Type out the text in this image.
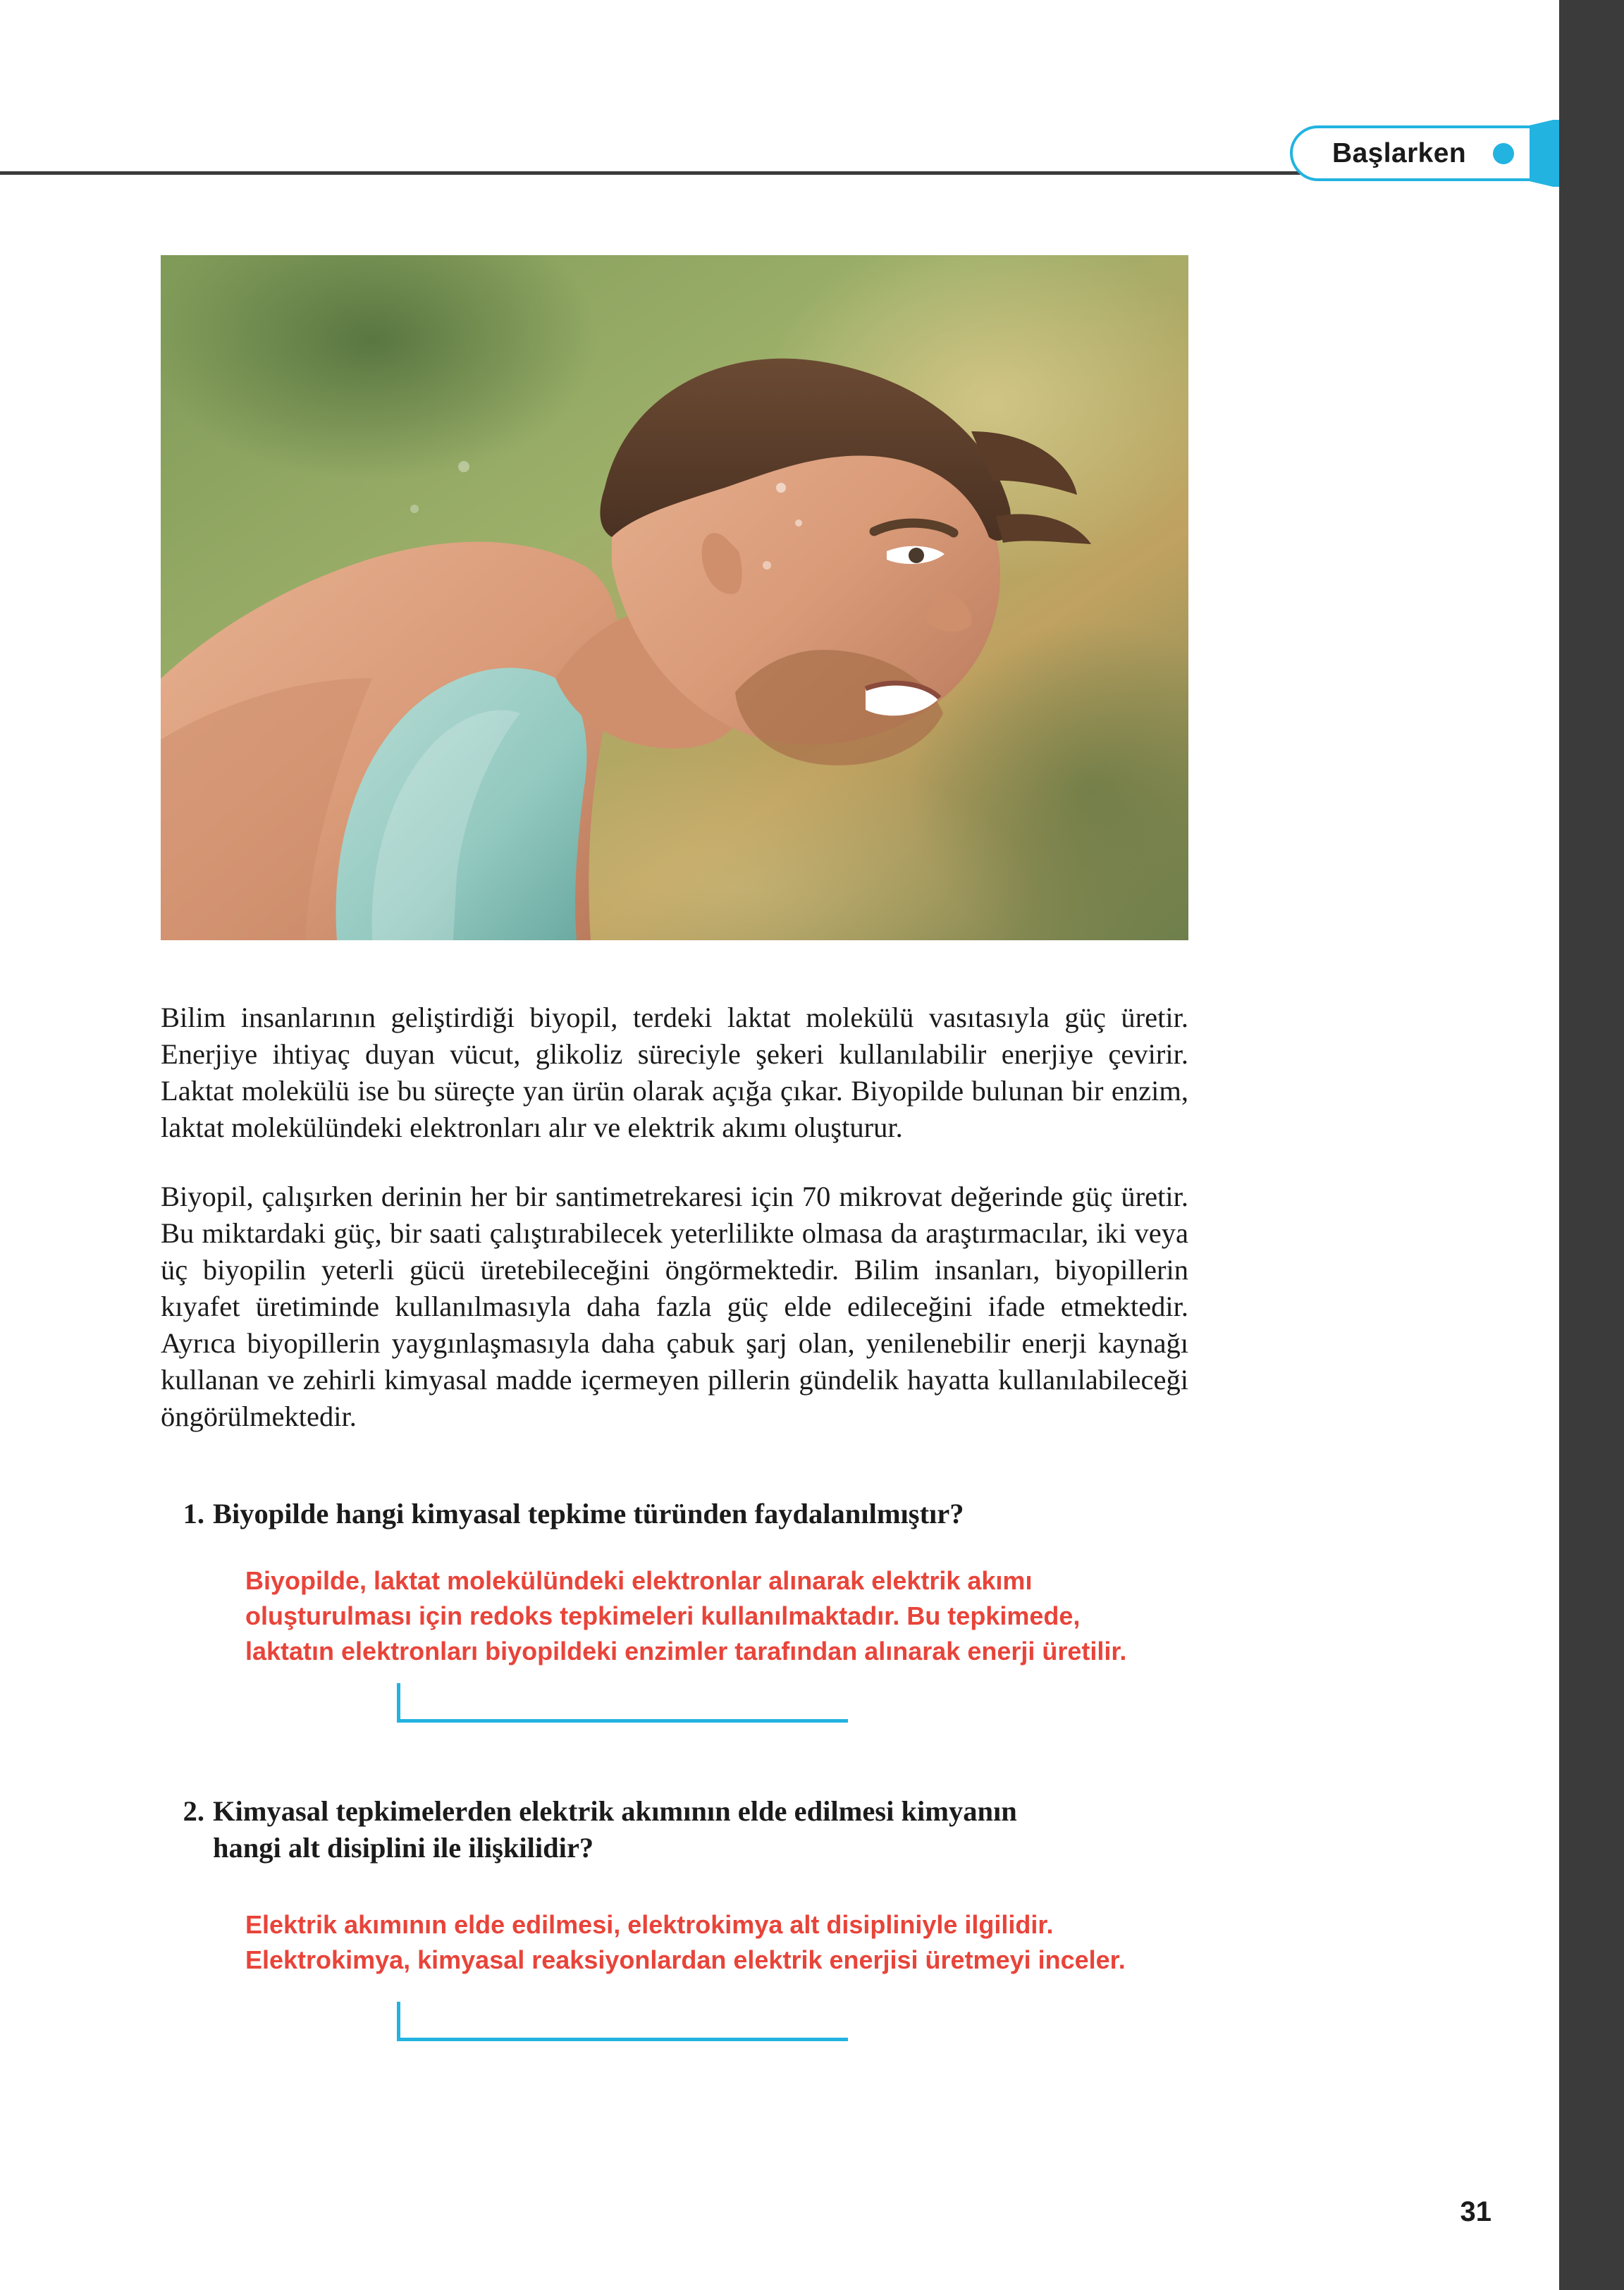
Başlarken

Bilim insanlarının geliştirdiği biyopil, terdeki laktat molekülü vasıtasıyla güç üretir. Enerjiye ihtiyaç duyan vücut, glikoliz süreciyle şekeri kullanılabilir enerjiye çevirir. Laktat molekülü ise bu süreçte yan ürün olarak açığa çıkar. Biyopilde bulunan bir enzim, laktat molekülündeki elektronları alır ve elektrik akımı oluşturur.

Biyopil, çalışırken derinin her bir santimetrekaresi için 70 mikrovat değerinde güç üretir. Bu miktardaki güç, bir saati çalıştırabilecek yeterlilikte olmasa da araştırmacılar, iki veya üç biyopilin yeterli gücü üretebileceğini öngörmektedir. Bilim insanları, biyopillerin kıyafet üretiminde kullanılmasıyla daha fazla güç elde edileceğini ifade etmektedir. Ayrıca biyopillerin yaygınlaşmasıyla daha çabuk şarj olan, yenilenebilir enerji kaynağı kullanan ve zehirli kimyasal madde içermeyen pillerin gündelik hayatta kullanılabileceği öngörülmektedir.

1. Biyopilde hangi kimyasal tepkime türünden faydalanılmıştır?
Biyopilde, laktat molekülündeki elektronlar alınarak elektrik akımı oluşturulması için redoks tepkimeleri kullanılmaktadır. Bu tepkimede, laktatın elektronları biyopildeki enzimler tarafından alınarak enerji üretilir.
2. Kimyasal tepkimelerden elektrik akımının elde edilmesi kimyanın hangi alt disiplini ile ilişkilidir?
Elektrik akımının elde edilmesi, elektrokimya alt disipliniyle ilgilidir. Elektrokimya, kimyasal reaksiyonlardan elektrik enerjisi üretmeyi inceler.
31
